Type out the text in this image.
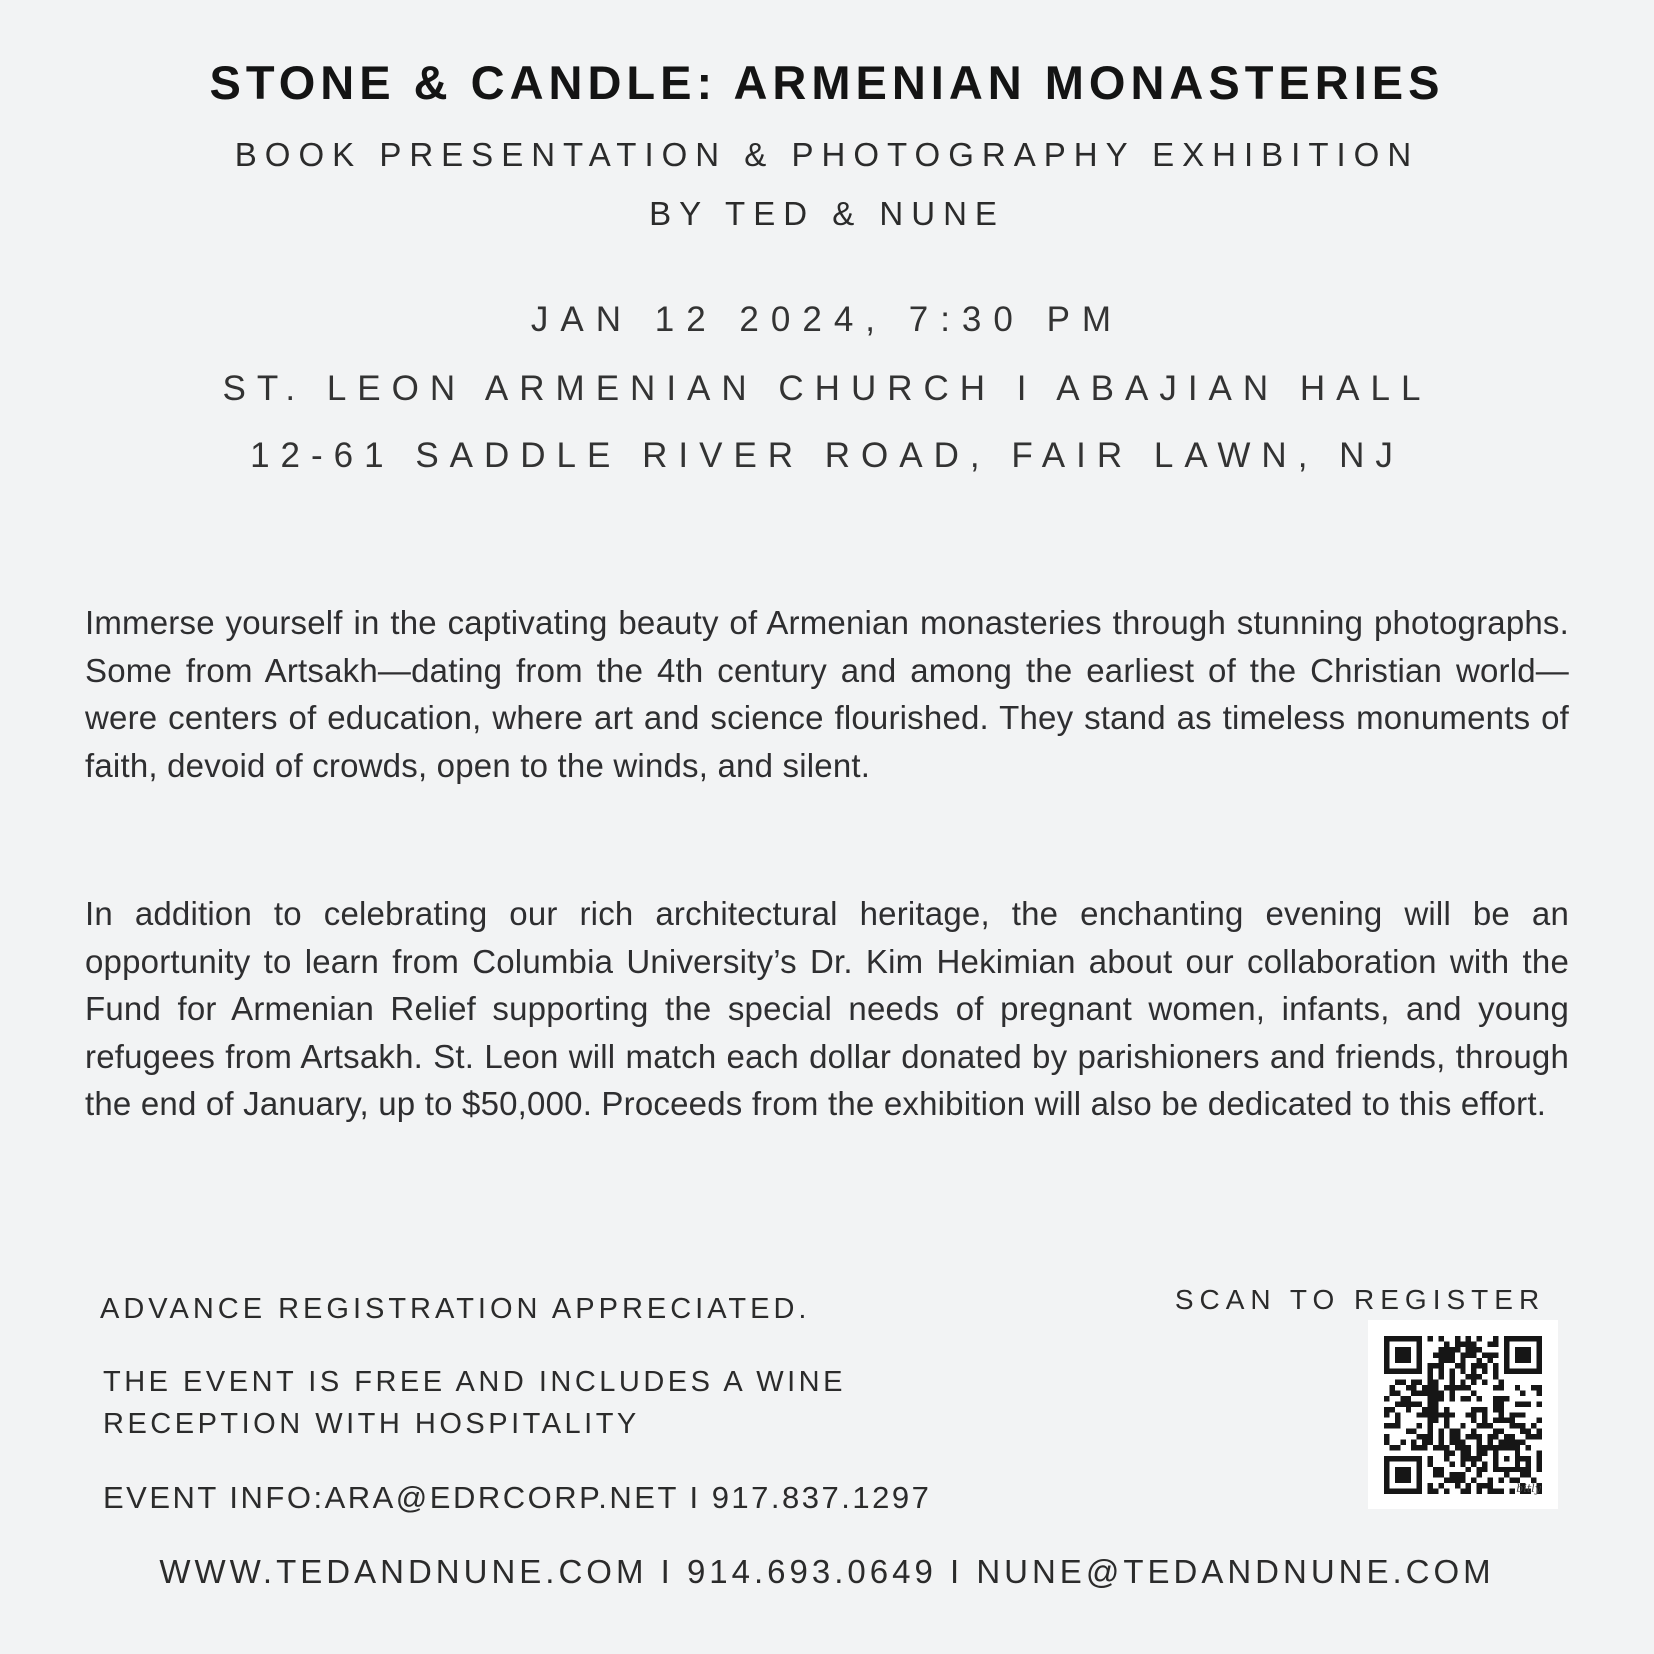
STONE & CANDLE: ARMENIAN MONASTERIES
BOOK PRESENTATION & PHOTOGRAPHY EXHIBITION
BY TED & NUNE
JAN 12 2024, 7:30 PM
ST. LEON ARMENIAN CHURCH I ABAJIAN HALL
12-61 SADDLE RIVER ROAD, FAIR LAWN, NJ

Immerse yourself in the captivating beauty of Armenian monasteries through stunning photographs. Some from Artsakh—dating from the 4th century and among the earliest of the Christian world—were centers of education, where art and science flourished. They stand as timeless monuments of faith, devoid of crowds, open to the winds, and silent.

In addition to celebrating our rich architectural heritage, the enchanting evening will be an opportunity to learn from Columbia University’s Dr. Kim Hekimian about our collaboration with the Fund for Armenian Relief supporting the special needs of pregnant women, infants, and young refugees from Artsakh. St. Leon will match each dollar donated by parishioners and friends, through the end of January, up to $50,000. Proceeds from the exhibition will also be dedicated to this effort.

ADVANCE REGISTRATION APPRECIATED.
THE EVENT IS FREE AND INCLUDES A WINE
RECEPTION WITH HOSPITALITY
EVENT INFO:ARA@EDRCORP.NET I 917.837.1297
SCAN TO REGISTER
bitly
WWW.TEDANDNUNE.COM I 914.693.0649 I NUNE@TEDANDNUNE.COM
